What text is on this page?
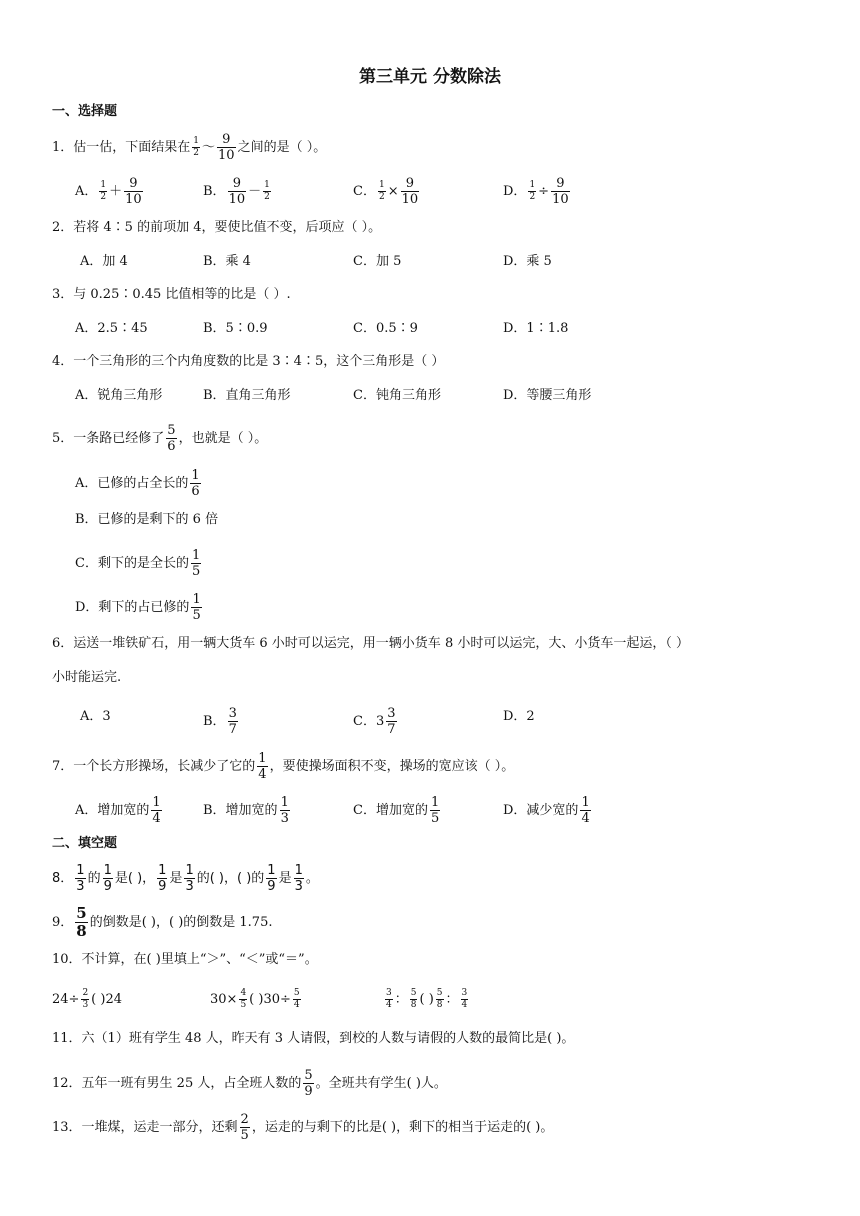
第三单元 分数除法
一、选择题
1．估一估，下面结果在 $\frac{1}{2}$ ～ $\frac{9}{10}$ 之间的是（ ）。
A． $\frac{1}{2} + \frac{9}{10}$	B． $\frac{9}{10} - \frac{1}{2}$	C． $\frac{1}{2} \times \frac{9}{10}$	D． $\frac{1}{2} \div \frac{9}{10}$
2．若将 4∶5 的前项加 4，要使比值不变，后项应（ ）。
A．加 4	B．乘 4	C．加 5	D．乘 5
3．与 0.25∶0.45 比值相等的比是（ ）.
A．2.5∶45	B．5∶0.9	C．0.5∶9	D．1∶1.8
4．一个三角形的三个内角度数的比是 3∶4∶5，这个三角形是（ ）
A．锐角三角形	B．直角三角形	C．钝角三角形	D．等腰三角形
5．一条路已经修了 $\frac{5}{6}$ ，也就是（ ）。
A．已修的占全长的 $\frac{1}{6}$
B．已修的是剩下的 6 倍
C．剩下的是全长的 $\frac{1}{5}$
D．剩下的占已修的 $\frac{1}{5}$
6．运送一堆铁矿石，用一辆大货车 6 小时可以运完，用一辆小货车 8 小时可以运完，大、小货车一起运，（ ）
小时能运完.
A．3	B． $\frac{3}{7}$	C．$3 \frac{3}{7}$	D．2
7．一个长方形操场，长减少了它的 $\frac{1}{4}$ ，要使操场面积不变，操场的宽应该（ ）。
A．增加宽的 $\frac{1}{4}$	B．增加宽的 $\frac{1}{3}$	C．增加宽的 $\frac{1}{5}$	D．减少宽的 $\frac{1}{4}$
二、填空题
8． $\frac{1}{3}$ 的 $\frac{1}{9}$ 是( )， $\frac{1}{9}$ 是 $\frac{1}{3}$ 的( )，( )的 $\frac{1}{9}$ 是 $\frac{1}{3}$ 。
9． $\frac{5}{8}$ 的倒数是( )，( )的倒数是 1.75.
10．不计算，在( )里填上“＞”、“＜”或“＝”。
$24\div \frac{2}{3}$ ( )24	$30\times \frac{4}{5}$ ( )$30\div \frac{5}{4}$	$\frac{3}{4}$ ： $\frac{5}{8}$ ( ) $\frac{5}{8}$ ： $\frac{3}{4}$
11．六（1）班有学生 48 人，昨天有 3 人请假，到校的人数与请假的人数的最简比是( )。
12．五年一班有男生 25 人，占全班人数的 $\frac{5}{9}$ 。全班共有学生( )人。
13．一堆煤，运走一部分，还剩 $\frac{2}{5}$ ，运走的与剩下的比是( )，剩下的相当于运走的( )。
